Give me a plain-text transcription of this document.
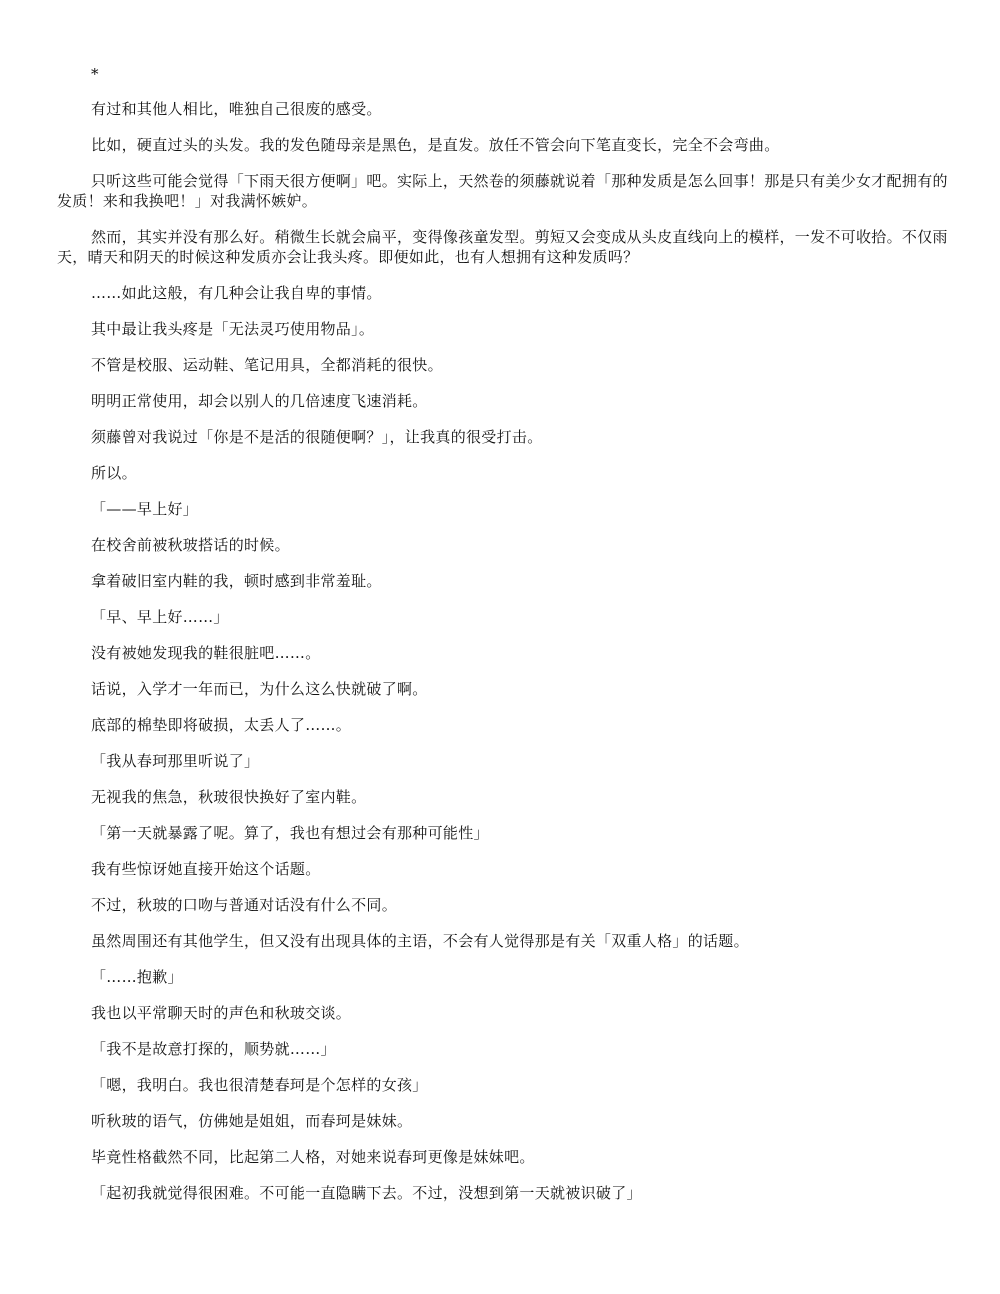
*

有过和其他人相比，唯独自己很废的感受。

比如，硬直过头的头发。我的发色随母亲是黑色，是直发。放任不管会向下笔直变长，完全不会弯曲。

只听这些可能会觉得「下雨天很方便啊」吧。实际上，天然卷的须藤就说着「那种发质是怎么回事！那是只有美少女才配拥有的发质！来和我换吧！」对我满怀嫉妒。

然而，其实并没有那么好。稍微生长就会扁平，变得像孩童发型。剪短又会变成从头皮直线向上的模样，一发不可收拾。不仅雨天，晴天和阴天的时候这种发质亦会让我头疼。即便如此，也有人想拥有这种发质吗？

……如此这般，有几种会让我自卑的事情。

其中最让我头疼是「无法灵巧使用物品」。

不管是校服、运动鞋、笔记用具，全都消耗的很快。

明明正常使用，却会以别人的几倍速度飞速消耗。

须藤曾对我说过「你是不是活的很随便啊？」，让我真的很受打击。

所以。

「——早上好」

在校舍前被秋玻搭话的时候。

拿着破旧室内鞋的我，顿时感到非常羞耻。

「早、早上好……」

没有被她发现我的鞋很脏吧……。

话说，入学才一年而已，为什么这么快就破了啊。

底部的棉垫即将破损，太丢人了……。

「我从春珂那里听说了」

无视我的焦急，秋玻很快换好了室内鞋。

「第一天就暴露了呢。算了，我也有想过会有那种可能性」

我有些惊讶她直接开始这个话题。

不过，秋玻的口吻与普通对话没有什么不同。

虽然周围还有其他学生，但又没有出现具体的主语，不会有人觉得那是有关「双重人格」的话题。

「……抱歉」

我也以平常聊天时的声色和秋玻交谈。

「我不是故意打探的，顺势就……」

「嗯，我明白。我也很清楚春珂是个怎样的女孩」

听秋玻的语气，仿佛她是姐姐，而春珂是妹妹。

毕竟性格截然不同，比起第二人格，对她来说春珂更像是妹妹吧。

「起初我就觉得很困难。不可能一直隐瞒下去。不过，没想到第一天就被识破了」
